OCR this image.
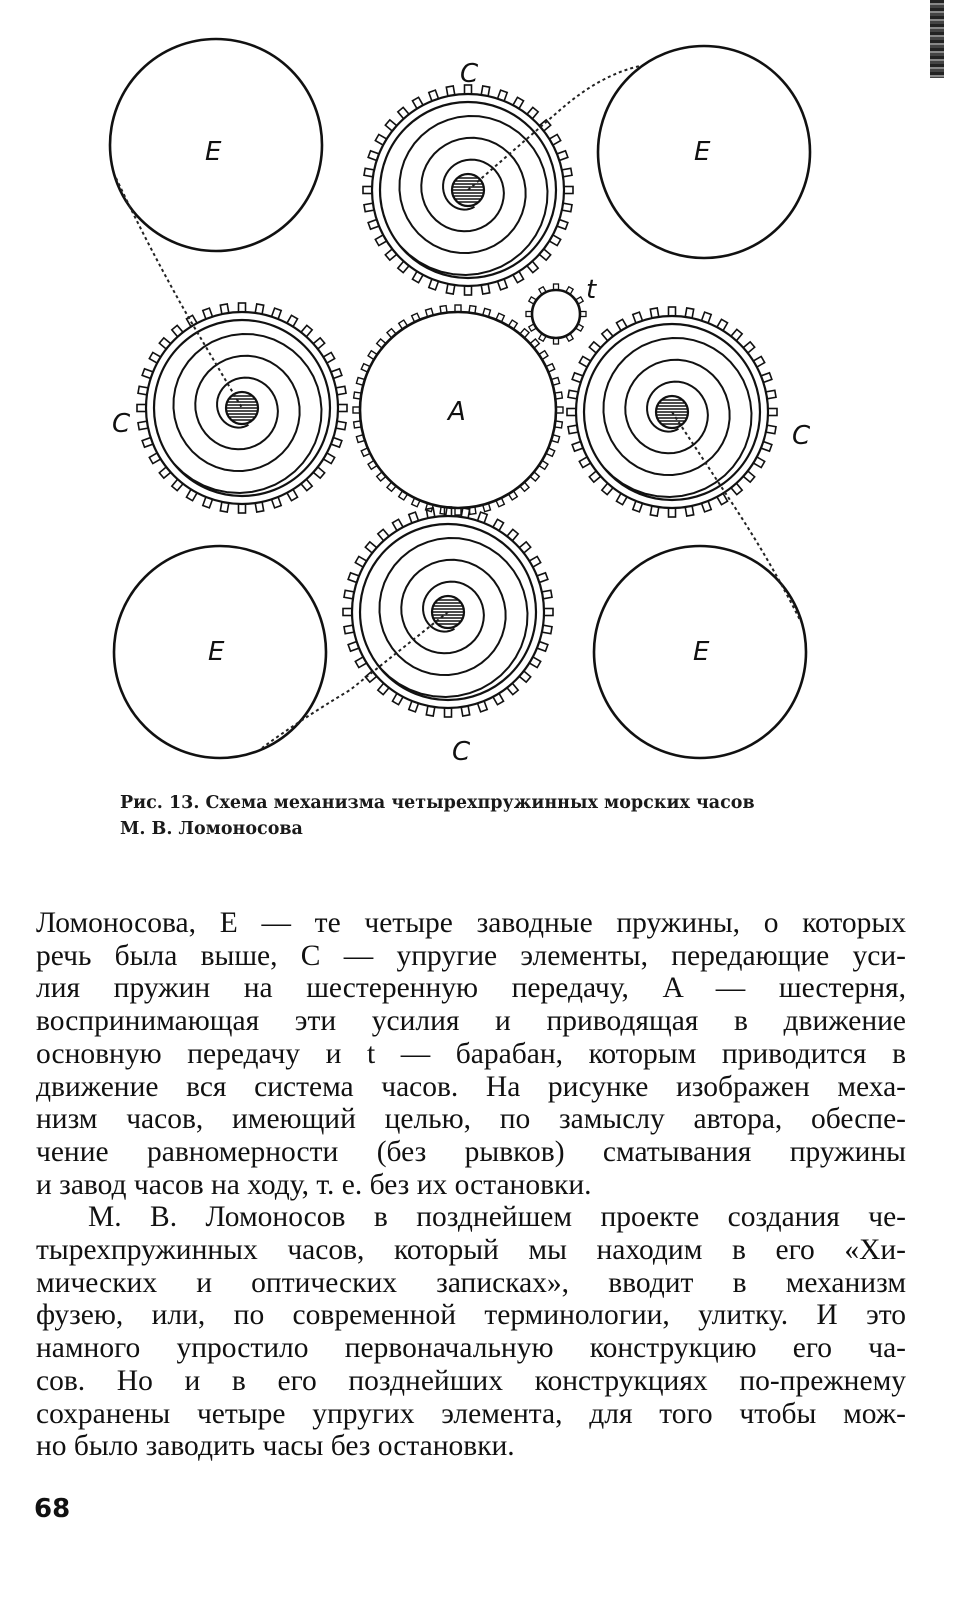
E	E
E	E
C
C	C
C
A
t
Рис. 13. Схема механизма четырехпружинных морских часов
М. В. Ломоносова

Ломоносова, E — те четыре заводные пружины, о которых

речь была выше, C — упругие элементы, передающие уси-

лия пружин на шестеренную передачу, A — шестерня,

воспринимающая эти усилия и приводящая в движение

основную передачу и t — барабан, которым приводится в

движение вся система часов. На рисунке изображен меха-

низм часов, имеющий целью, по замыслу автора, обеспе-

чение равномерности (без рывков) сматывания пружины

и завод часов на ходу, т. е. без их остановки.

М. В. Ломоносов в позднейшем проекте создания че-

тырехпружинных часов, который мы находим в его «Хи-

мических и оптических записках», вводит в механизм

фузею, или, по современной терминологии, улитку. И это

намного упростило первоначальную конструкцию его ча-

сов. Но и в его позднейших конструкциях по-прежнему

сохранены четыре упругих элемента, для того чтобы мож-

но было заводить часы без остановки.

68
